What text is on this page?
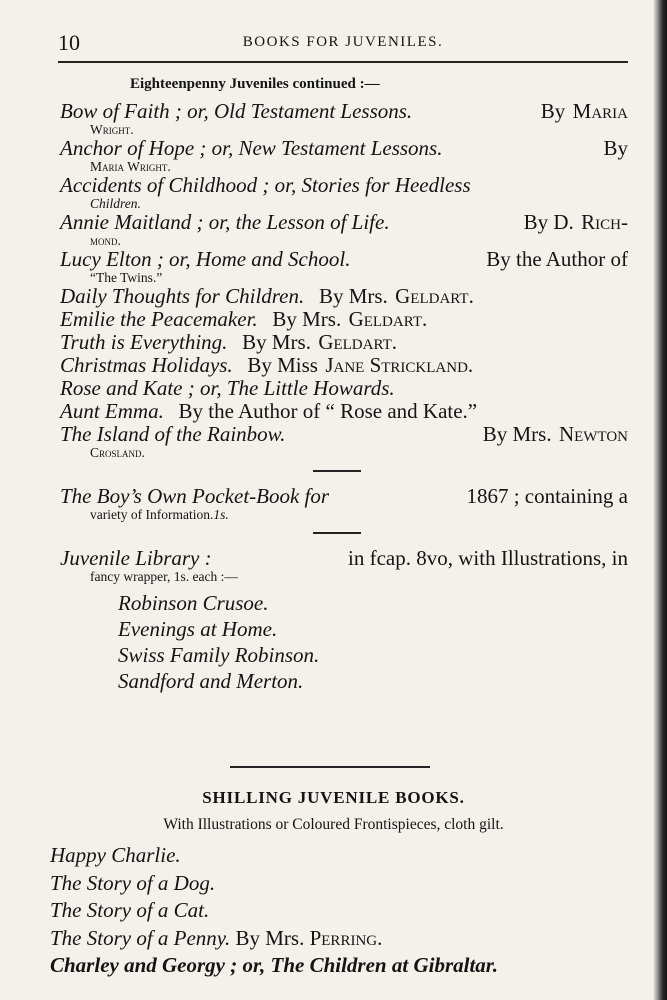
10	BOOKS FOR JUVENILES.
Eighteenpenny Juveniles continued :—
Bow of Faith ; or, Old Testament Lessons.	By Maria
Wright.
Anchor of Hope ; or, New Testament Lessons.	By
Maria Wright.
Accidents of Childhood ; or, Stories for Heedless
Children.
Annie Maitland ; or, the Lesson of Life.	By D. Rich-
mond.
Lucy Elton ; or, Home and School.	By the Author of
“The Twins.”
Daily Thoughts for Children. By Mrs. Geldart.
Emilie the Peacemaker. By Mrs. Geldart.
Truth is Everything. By Mrs. Geldart.
Christmas Holidays. By Miss Jane Strickland.
Rose and Kate ; or, The Little Howards.
Aunt Emma. By the Author of “ Rose and Kate.”
The Island of the Rainbow.	By Mrs. Newton
Crosland.
The Boy’s Own Pocket-Book for	1867 ; containing a
variety of Information.1s.
Juvenile Library :	in fcap. 8vo, with Illustrations, in
fancy wrapper, 1s. each :—
Robinson Crusoe.
Evenings at Home.
Swiss Family Robinson.
Sandford and Merton.
SHILLING JUVENILE BOOKS.
With Illustrations or Coloured Frontispieces, cloth gilt.
Happy Charlie.
The Story of a Dog.
The Story of a Cat.
The Story of a Penny. By Mrs. Perring.
Charley and Georgy ; or, The Children at Gibraltar.
